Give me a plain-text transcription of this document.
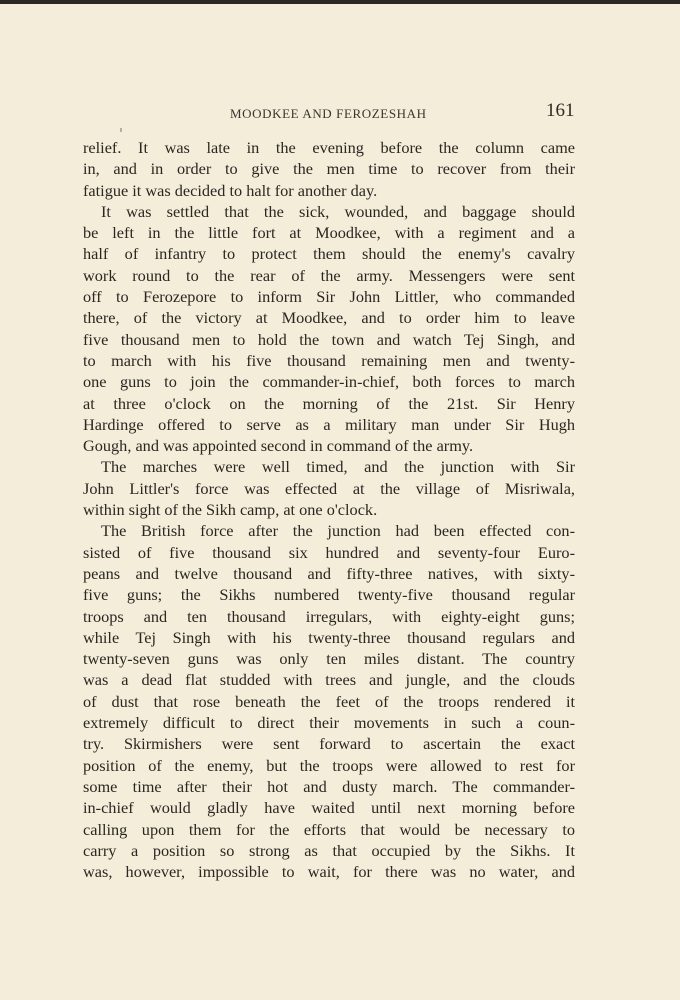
MOODKEE AND FEROZESHAH	161
relief. It was late in the evening before the column came
in, and in order to give the men time to recover from their
fatigue it was decided to halt for another day.
It was settled that the sick, wounded, and baggage should
be left in the little fort at Moodkee, with a regiment and a
half of infantry to protect them should the enemy's cavalry
work round to the rear of the army. Messengers were sent
off to Ferozepore to inform Sir John Littler, who commanded
there, of the victory at Moodkee, and to order him to leave
five thousand men to hold the town and watch Tej Singh, and
to march with his five thousand remaining men and twenty-
one guns to join the commander-in-chief, both forces to march
at three o'clock on the morning of the 21st. Sir Henry
Hardinge offered to serve as a military man under Sir Hugh
Gough, and was appointed second in command of the army.
The marches were well timed, and the junction with Sir
John Littler's force was effected at the village of Misriwala,
within sight of the Sikh camp, at one o'clock.
The British force after the junction had been effected con-
sisted of five thousand six hundred and seventy-four Euro-
peans and twelve thousand and fifty-three natives, with sixty-
five guns; the Sikhs numbered twenty-five thousand regular
troops and ten thousand irregulars, with eighty-eight guns;
while Tej Singh with his twenty-three thousand regulars and
twenty-seven guns was only ten miles distant. The country
was a dead flat studded with trees and jungle, and the clouds
of dust that rose beneath the feet of the troops rendered it
extremely difficult to direct their movements in such a coun-
try. Skirmishers were sent forward to ascertain the exact
position of the enemy, but the troops were allowed to rest for
some time after their hot and dusty march. The commander-
in-chief would gladly have waited until next morning before
calling upon them for the efforts that would be necessary to
carry a position so strong as that occupied by the Sikhs. It
was, however, impossible to wait, for there was no water, and
